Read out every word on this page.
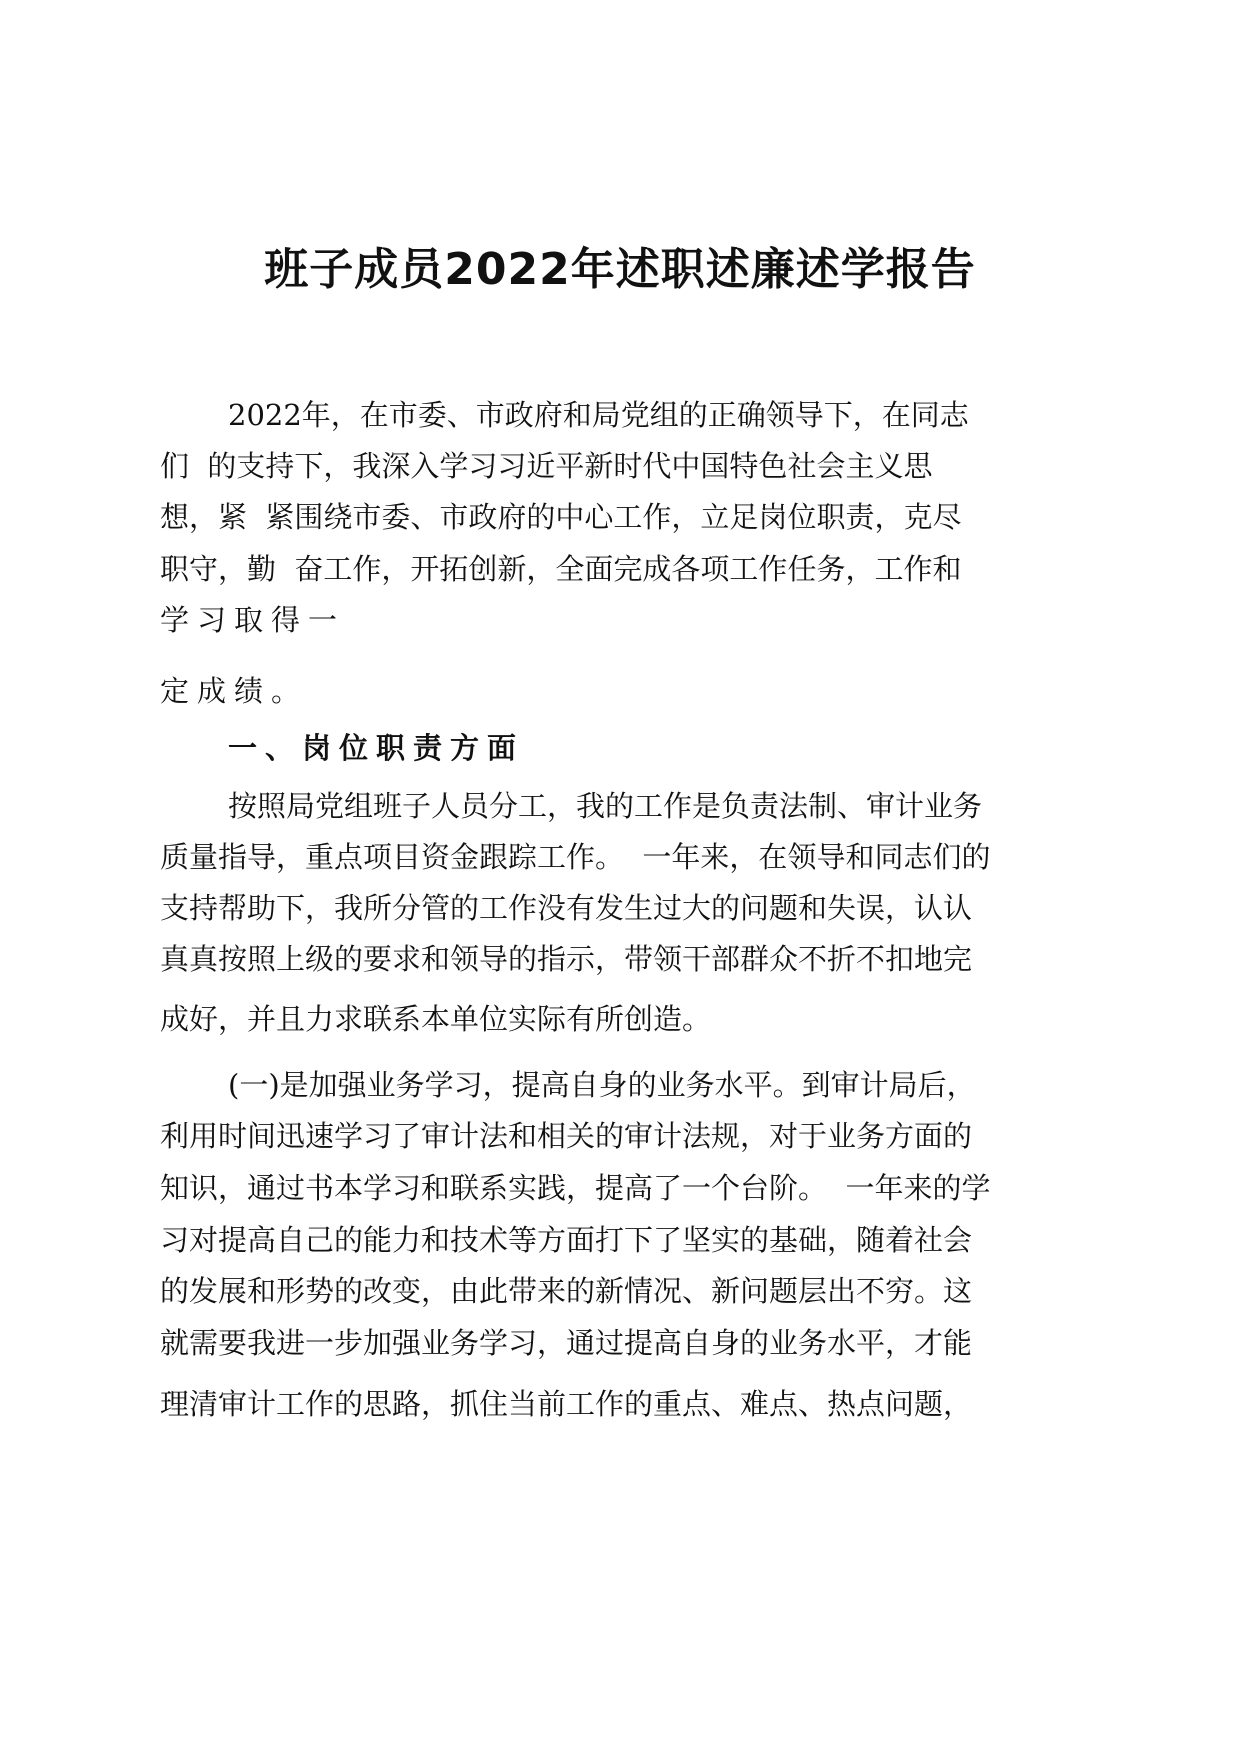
班子成员2022年述职述廉述学报告

2022年，在市委、市政府和局党组的正确领导下，在同志

们  的支持下，我深入学习习近平新时代中国特色社会主义思

想，紧  紧围绕市委、市政府的中心工作，立足岗位职责，克尽

职守，勤  奋工作，开拓创新，全面完成各项工作任务，工作和

学习取得一

定成绩。

一、岗位职责方面

按照局党组班子人员分工，我的工作是负责法制、审计业务

质量指导，重点项目资金跟踪工作。  一年来，在领导和同志们的

支持帮助下，我所分管的工作没有发生过大的问题和失误，认认

真真按照上级的要求和领导的指示，带领干部群众不折不扣地完

成好，并且力求联系本单位实际有所创造。

(一)是加强业务学习，提高自身的业务水平。到审计局后，

利用时间迅速学习了审计法和相关的审计法规，对于业务方面的

知识，通过书本学习和联系实践，提高了一个台阶。  一年来的学

习对提高自己的能力和技术等方面打下了坚实的基础，随着社会

的发展和形势的改变，由此带来的新情况、新问题层出不穷。这

就需要我进一步加强业务学习，通过提高自身的业务水平，才能

理清审计工作的思路，抓住当前工作的重点、难点、热点问题，
